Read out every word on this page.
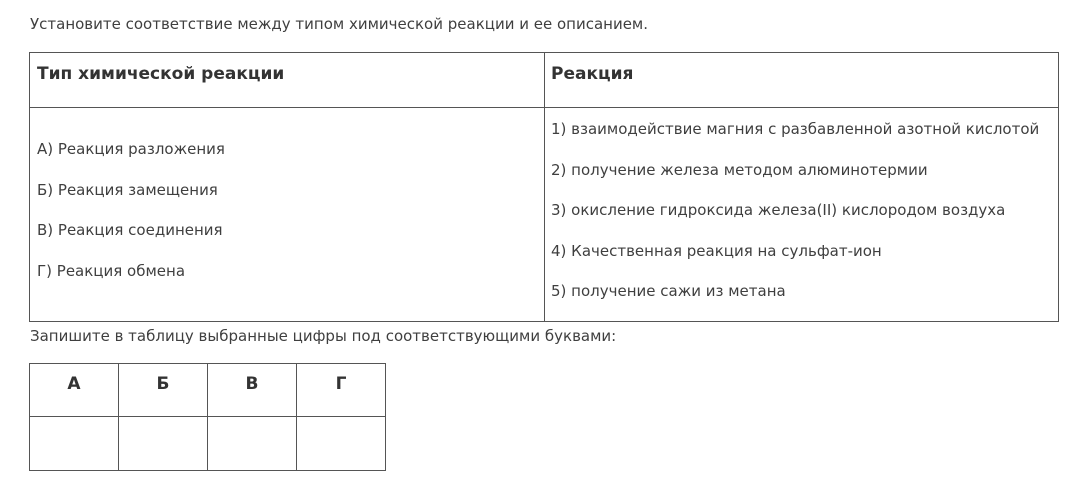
Установите соответствие между типом химической реакции и ее описанием.
Тип химической реакции	Реакция
А) Реакция разложения
Б) Реакция замещения
В) Реакция соединения
Г) Реакция обмена
1) взаимодействие магния с разбавленной азотной кислотой
2) получение железа методом алюминотермии
3) окисление гидроксида железа(II) кислородом воздуха
4) Качественная реакция на сульфат-ион
5) получение сажи из метана
Запишите в таблицу выбранные цифры под соответствующими буквами:
А	Б	В	Г
